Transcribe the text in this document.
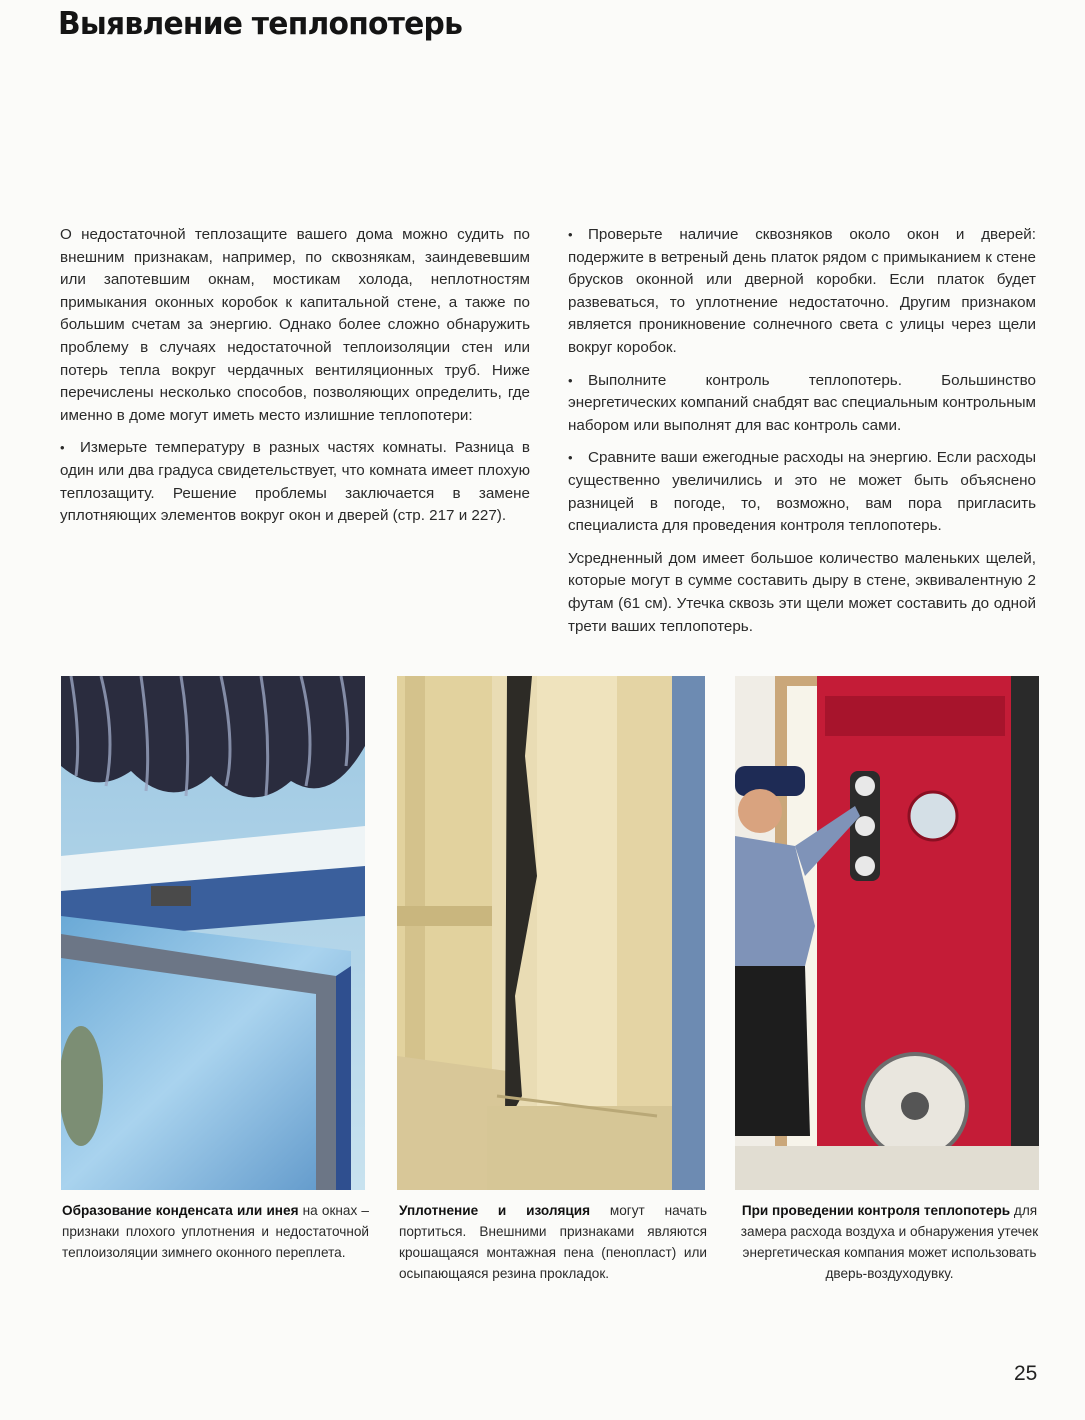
Выявление теплопотерь

О недостаточной теплозащите вашего дома можно судить по внешним признакам, например, по сквознякам, заиндевевшим или запотевшим окнам, мостикам холода, неплотностям примыкания оконных коробок к капитальной стене, а также по большим счетам за энергию. Однако более сложно обнаружить проблему в случаях недостаточной теплоизоляции стен или потерь тепла вокруг чердачных вентиляционных труб. Ниже перечислены несколько способов, позволяющих определить, где именно в доме могут иметь место излишние теплопотери:

• Измерьте температуру в разных частях комнаты. Разница в один или два градуса свидетельствует, что комната имеет плохую теплозащиту. Решение проблемы заключается в замене уплотняющих элементов вокруг окон и дверей (стр. 217 и 227).

• Проверьте наличие сквозняков около окон и дверей: подержите в ветреный день платок рядом с примыканием к стене брусков оконной или дверной коробки. Если платок будет развеваться, то уплотнение недостаточно. Другим признаком является проникновение солнечного света с улицы через щели вокруг коробок.

• Выполните контроль теплопотерь. Большинство энергетических компаний снабдят вас специальным контрольным набором или выполнят для вас контроль сами.

• Сравните ваши ежегодные расходы на энергию. Если расходы существенно увеличились и это не может быть объяснено разницей в погоде, то, возможно, вам пора пригласить специалиста для проведения контроля теплопотерь.

Усредненный дом имеет большое количество маленьких щелей, которые могут в сумме составить дыру в стене, эквивалентную 2 футам (61 см). Утечка сквозь эти щели может составить до одной трети ваших теплопотерь.

Образование конденсата или инея на окнах – признаки плохого уплотнения и недостаточной теплоизоляции зимнего оконного переплета.
Уплотнение и изоляция могут начать портиться. Внешними признаками являются крошащаяся монтажная пена (пенопласт) или осыпающаяся резина прокладок.
При проведении контроля теплопотерь для замера расхода воздуха и обнаружения утечек энергетическая компания может использовать дверь-воздуходувку.
25
